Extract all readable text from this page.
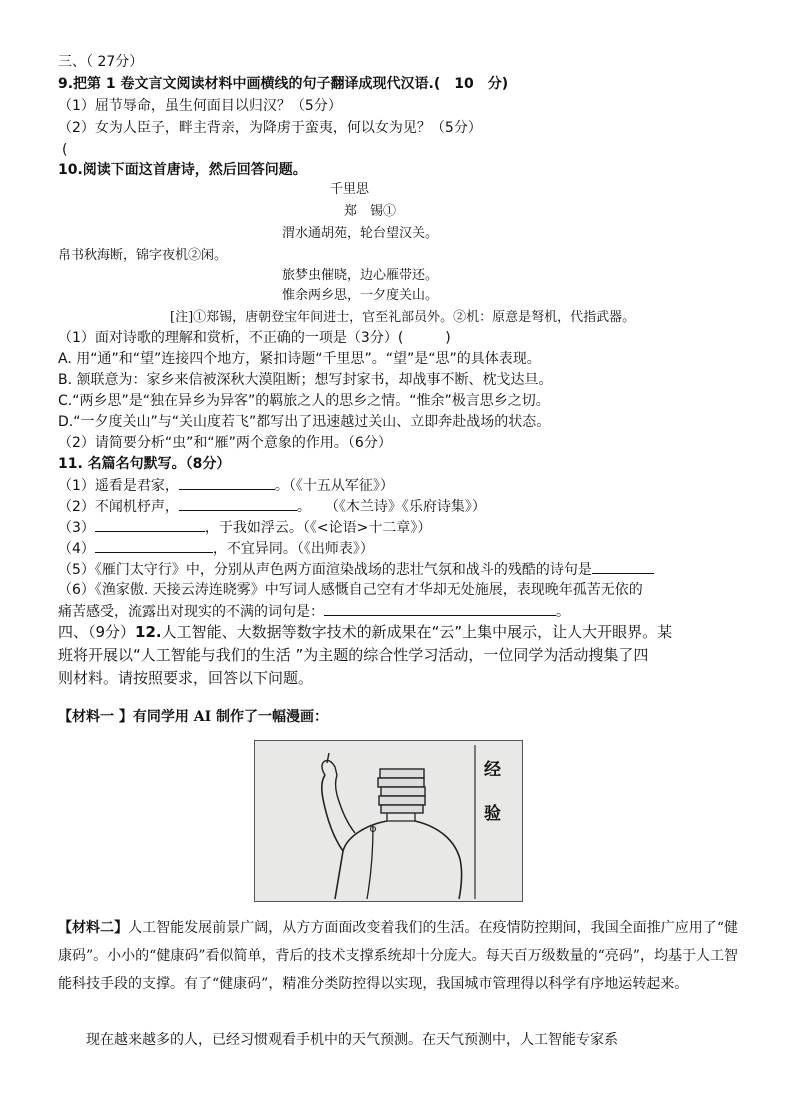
三、（ 27分）
9.把第 1 卷文言文阅读材料中画横线的句子翻译成现代汉语.(　10　分)
（1）屈节辱命，虽生何面目以归汉？（5分）
（2）女为人臣子，畔主背亲，为降虏于蛮夷，何以女为见？（5分）
(
10.阅读下面这首唐诗，然后回答问题。
千里思
郑　锡①
渭水通胡苑，轮台望汉关。
帛书秋海断，锦字夜机②闲。
旅梦虫催晓，边心雁带还。
惟余两乡思，一夕度关山。
[注]①郑锡，唐朝登宝年间进士，官至礼部员外。②机：原意是弩机，代指武器。
（1）面对诗歌的理解和赏析，不正确的一项是（3分）(　　　)
A. 用“通”和“望”连接四个地方，紧扣诗题“千里思”。“望”是“思”的具体表现。
B. 颔联意为：家乡来信被深秋大漠阻断；想写封家书，却战事不断、枕戈达旦。
C.“两乡思”是“独在异乡为异客”的羁旅之人的思乡之情。“惟余”极言思乡之切。
D.“一夕度关山”与“关山度若飞”都写出了迅速越过关山、立即奔赴战场的状态。
（2）请简要分析“虫”和“雁”两个意象的作用。（6分）
11. 名篇名句默写。（8分）
（1）遥看是君家，	。（《十五从军征》）
（2）不闻机杼声，	。　　（《木兰诗》《乐府诗集》）
（3）	，于我如浮云。（《<论语>十二章》）
（4）	，不宜异同。（《出师表》）
（5）《雁门太守行》中，分别从声色两方面渲染战场的悲壮气氛和战斗的残酷的诗句是
（6）《渔家傲. 天接云涛连晓雾》中写词人感慨自己空有才华却无处施展，表现晚年孤苦无依的
痛苦感受，流露出对现实的不满的词句是：	。
四、（9分）12.人工智能、大数据等数字技术的新成果在“云”上集中展示，让人大开眼界。某
班将开展以“人工智能与我们的生活 ”为主题的综合性学习活动，一位同学为活动搜集了四
则材料。请按照要求，回答以下问题。
【材料一 】有同学用 AI 制作了一幅漫画：
经
验
【材料二】人工智能发展前景广阔，从方方面面改变着我们的生活。在疫情防控期间，我国全面推广应用了“健康码”。小小的“健康码”看似简单，背后的技术支撑系统却十分庞大。每天百万级数量的“亮码”，均基于人工智能科技手段的支撑。有了“健康码”，精准分类防控得以实现，我国城市管理得以科学有序地运转起来。
现在越来越多的人，已经习惯观看手机中的天气预测。在天气预测中，人工智能专家系
